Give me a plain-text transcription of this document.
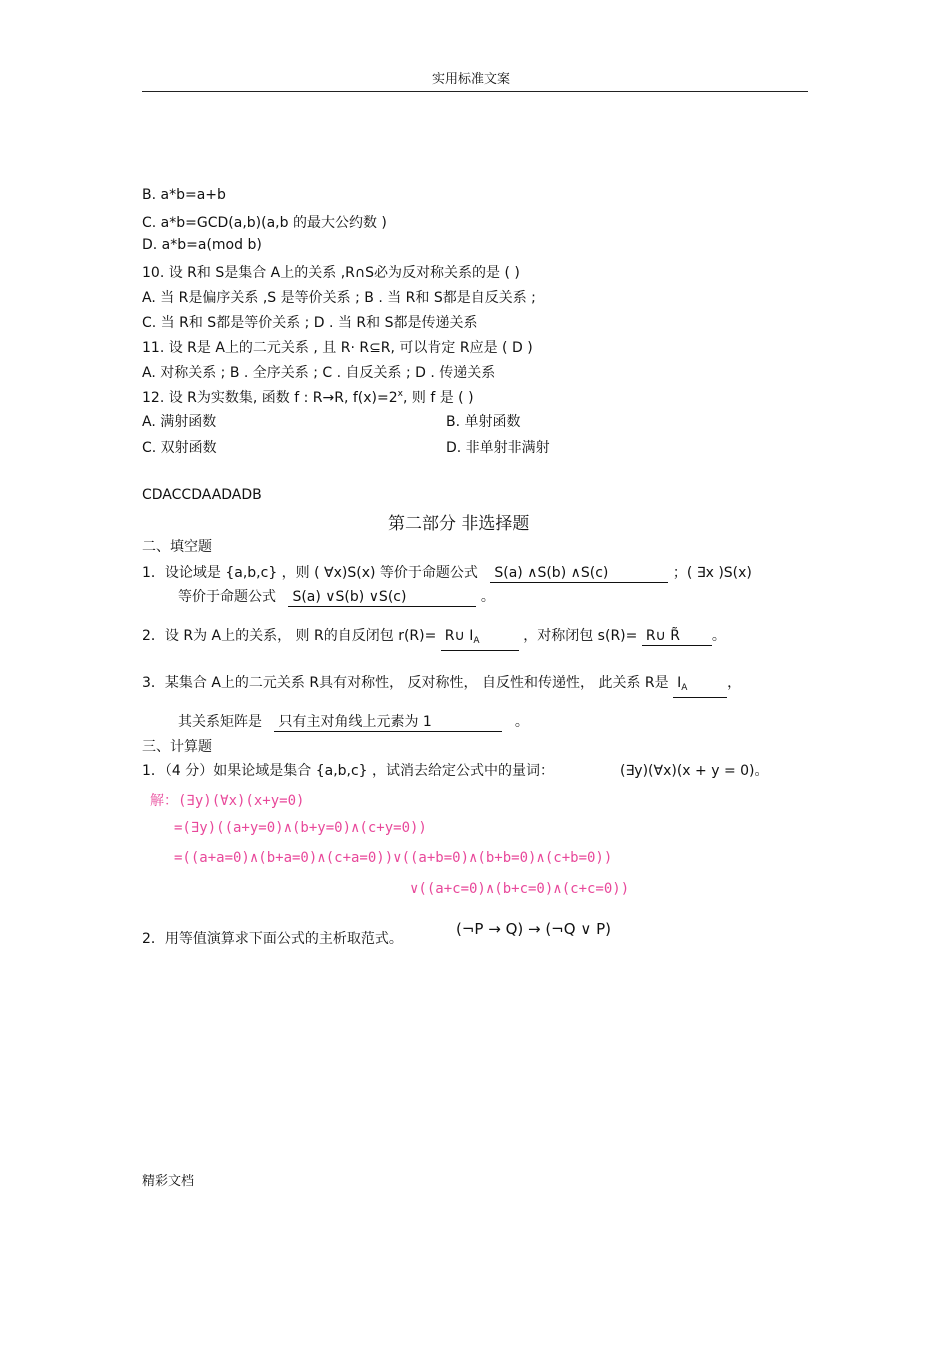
实用标准文案
B. a*b=a+b
C. a*b=GCD(a,b)(a,b 的最大公约数 )
D. a*b=a(mod b)
10. 设 R和 S是集合 A上的关系 ,R∩S必为反对称关系的是 ( )
A. 当 R是偏序关系 ,S 是等价关系 ; B . 当 R和 S都是自反关系 ;
C. 当 R和 S都是等价关系 ; D . 当 R和 S都是传递关系
11. 设 R是 A上的二元关系 , 且 R· R⊆R, 可以肯定 R应是 ( D )
A. 对称关系 ; B . 全序关系 ; C . 自反关系 ; D . 传递关系
12. 设 R为实数集, 函数 f : R→R, $f(x)=2^x$, 则 f 是 ( )
A. 满射函数	B. 单射函数
C. 双射函数	D. 非单射非满射
CDACCDAADADB
第二部分 非选择题
二、填空题
1．设论域是 {a,b,c} ，则 ( ∀x)S(x) 等价于命题公式 S(a) ∧S(b) ∧S(c)	；( ∃x )S(x)
等价于命题公式 S(a) ∨S(b) ∨S(c)	。
2．设 R为 A上的关系， 则 R的自反闭包 r(R)= R∪ $I_A$	，对称闭包 s(R)= R∪ R̃ 。
3．某集合 A上的二元关系 R具有对称性， 反对称性， 自反性和传递性， 此关系 R是 $I_A$	，
其关系矩阵是 只有主对角线上元素为 1	。
三、计算题
1．（4 分）如果论域是集合 {a,b,c} ，试消去给定公式中的量词：	(∃y)(∀x)(x + y = 0)。
解：(∃y)(∀x)(x+y=0)
=(∃y)((a+y=0)∧(b+y=0)∧(c+y=0))
=((a+a=0)∧(b+a=0)∧(c+a=0))∨((a+b=0)∧(b+b=0)∧(c+b=0))
∨((a+c=0)∧(b+c=0)∧(c+c=0))
2．用等值演算求下面公式的主析取范式。
(¬P → Q) → (¬Q ∨ P)
精彩文档
